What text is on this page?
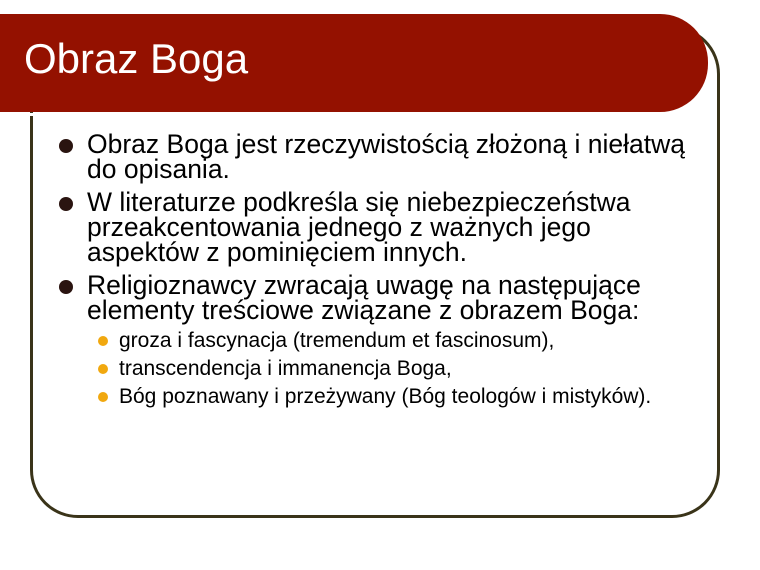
Obraz Boga
Obraz Boga jest rzeczywistością złożoną i niełatwą do opisania.
W literaturze podkreśla się niebezpieczeństwa przeakcentowania jednego z ważnych jego aspektów z pominięciem innych.
Religioznawcy zwracają uwagę na następujące elementy treściowe związane z obrazem Boga:
groza i fascynacja (tremendum et fascinosum),
transcendencja i immanencja Boga,
Bóg poznawany i przeżywany (Bóg teologów i mistyków).
